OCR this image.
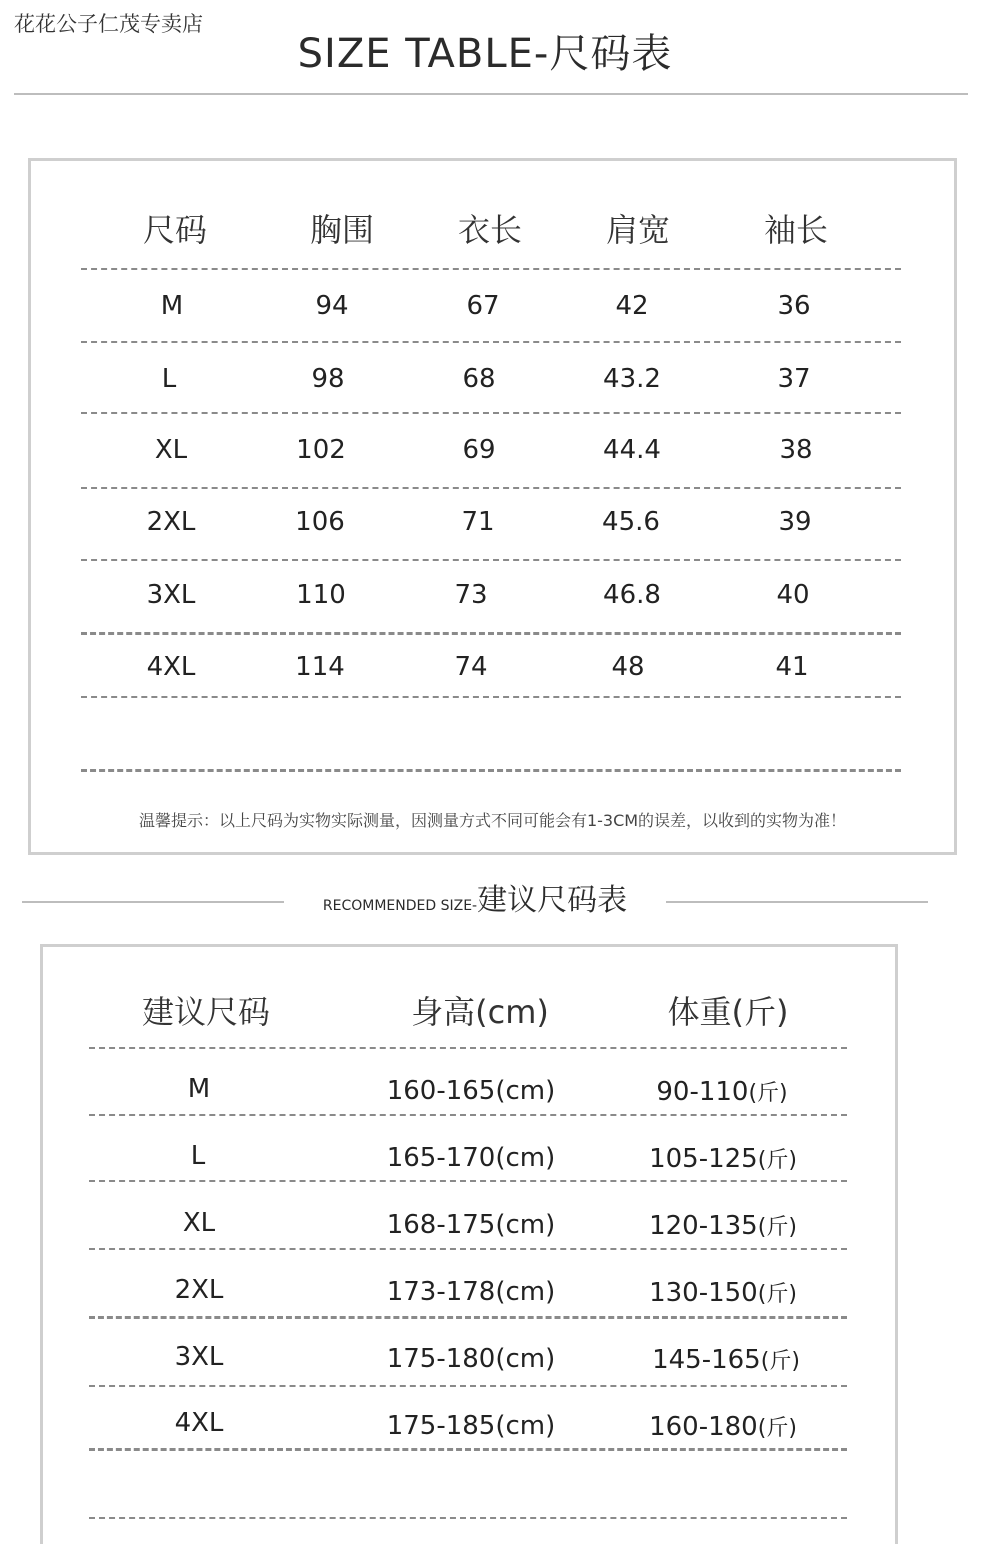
花花公子仁茂专卖店
SIZE TABLE-尺码表
尺码	胸围	衣长	肩宽	袖长
M	94	67	42	36
L	98	68	43.2	37
XL	102	69	44.4	38
2XL	106	71	45.6	39
3XL	110	73	46.8	40
4XL	114	74	48	41
温馨提示：以上尺码为实物实际测量，因测量方式不同可能会有1-3CM的误差，以收到的实物为准！
RECOMMENDED SIZE-建议尺码表
建议尺码	身高(cm)	体重(斤)
M	160-165(cm)	90-110(斤)
L	165-170(cm)	105-125(斤)
XL	168-175(cm)	120-135(斤)
2XL	173-178(cm)	130-150(斤)
3XL	175-180(cm)	145-165(斤)
4XL	175-185(cm)	160-180(斤)
